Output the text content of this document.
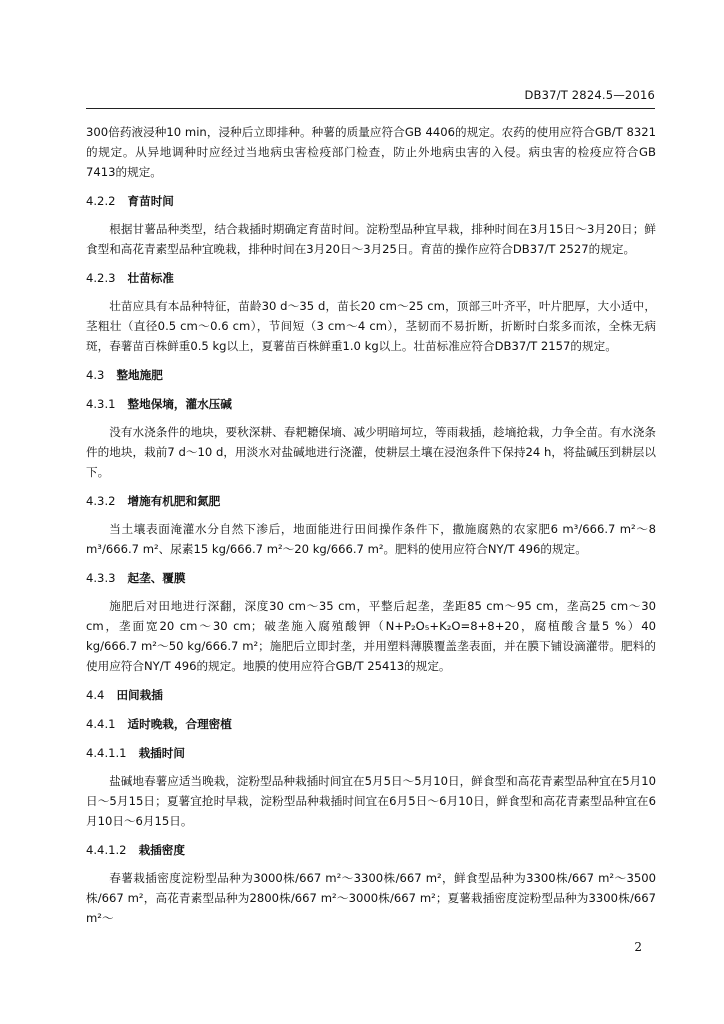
DB37/T 2824.5—2016

300倍药液浸种10 min，浸种后立即排种。种薯的质量应符合GB 4406的规定。农药的使用应符合GB/T 8321的规定。从异地调种时应经过当地病虫害检疫部门检查，防止外地病虫害的入侵。病虫害的检疫应符合GB 7413的规定。

4.2.2 育苗时间

根据甘薯品种类型，结合栽插时期确定育苗时间。淀粉型品种宜早栽，排种时间在3月15日～3月20日；鲜食型和高花青素型品种宜晚栽，排种时间在3月20日～3月25日。育苗的操作应符合DB37/T 2527的规定。

4.2.3 壮苗标准

壮苗应具有本品种特征，苗龄30 d～35 d，苗长20 cm～25 cm，顶部三叶齐平，叶片肥厚，大小适中，茎粗壮（直径0.5 cm～0.6 cm），节间短（3 cm～4 cm），茎韧而不易折断，折断时白浆多而浓，全株无病斑，春薯苗百株鲜重0.5 kg以上，夏薯苗百株鲜重1.0 kg以上。壮苗标准应符合DB37/T 2157的规定。

4.3 整地施肥
4.3.1 整地保墒，灌水压碱

没有水浇条件的地块，要秋深耕、春耙耱保墒、减少明暗坷垃，等雨栽插，趁墒抢栽，力争全苗。有水浇条件的地块，栽前7 d～10 d，用淡水对盐碱地进行浇灌，使耕层土壤在浸泡条件下保持24 h，将盐碱压到耕层以下。

4.3.2 增施有机肥和氮肥

当土壤表面淹灌水分自然下渗后，地面能进行田间操作条件下，撒施腐熟的农家肥6 m³/666.7 m²～8 m³/666.7 m²、尿素15 kg/666.7 m²～20 kg/666.7 m²。肥料的使用应符合NY/T 496的规定。

4.3.3 起垄、覆膜

施肥后对田地进行深翻，深度30 cm～35 cm，平整后起垄，垄距85 cm～95 cm，垄高25 cm～30 cm，垄面宽20 cm～30 cm；破垄施入腐殖酸钾（N+P₂O₅+K₂O=8+8+20，腐植酸含量5 %）40 kg/666.7 m²～50 kg/666.7 m²；施肥后立即封垄，并用塑料薄膜覆盖垄表面，并在膜下铺设滴灌带。肥料的使用应符合NY/T 496的规定。地膜的使用应符合GB/T 25413的规定。

4.4 田间栽插
4.4.1 适时晚栽，合理密植
4.4.1.1 栽插时间

盐碱地春薯应适当晚栽，淀粉型品种栽插时间宜在5月5日～5月10日，鲜食型和高花青素型品种宜在5月10日～5月15日；夏薯宜抢时早栽，淀粉型品种栽插时间宜在6月5日～6月10日，鲜食型和高花青素型品种宜在6月10日～6月15日。

4.4.1.2 栽插密度

春薯栽插密度淀粉型品种为3000株/667 m²～3300株/667 m²，鲜食型品种为3300株/667 m²～3500株/667 m²，高花青素型品种为2800株/667 m²～3000株/667 m²；夏薯栽插密度淀粉型品种为3300株/667 m²～

2
